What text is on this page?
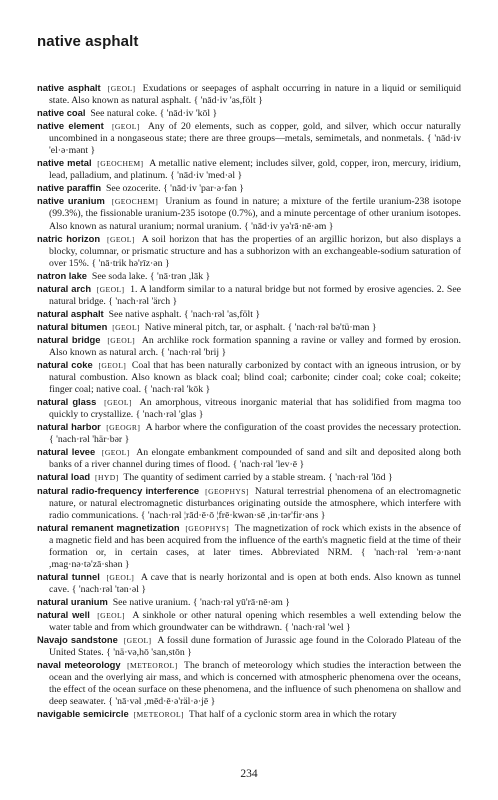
native asphalt

native asphalt [GEOL] Exudations or seepages of asphalt occurring in nature in a liquid or semiliquid state. Also known as natural asphalt. { 'nād·iv 'as,fölt }

native coal See natural coke. { 'nād·iv 'kōl }

native element [GEOL] Any of 20 elements, such as copper, gold, and silver, which occur naturally uncombined in a nongaseous state; there are three groups—metals, semimetals, and nonmetals. { 'nād·iv 'el·ə·mənt }

native metal [GEOCHEM] A metallic native element; includes silver, gold, copper, iron, mercury, iridium, lead, palladium, and platinum. { 'nād·iv 'med·əl }

native paraffin See ozocerite. { 'nād·iv 'par·ə·fən }

native uranium [GEOCHEM] Uranium as found in nature; a mixture of the fertile uranium-238 isotope (99.3%), the fissionable uranium-235 isotope (0.7%), and a minute percentage of other uranium isotopes. Also known as natural uranium; normal uranium. { 'nād·iv yə'rā·nē·əm }

natric horizon [GEOL] A soil horizon that has the properties of an argillic horizon, but also displays a blocky, columnar, or prismatic structure and has a subhorizon with an exchangeable-sodium saturation of over 15%. { 'nā·trik hə'rīz·ən }

natron lake See soda lake. { 'nā·trən ,lāk }

natural arch [GEOL] 1. A landform similar to a natural bridge but not formed by erosive agencies. 2. See natural bridge. { 'nach·rəl 'ärch }

natural asphalt See native asphalt. { 'nach·rəl 'as,fölt }

natural bitumen [GEOL] Native mineral pitch, tar, or asphalt. { 'nach·rəl bə'tü·mən }

natural bridge [GEOL] An archlike rock formation spanning a ravine or valley and formed by erosion. Also known as natural arch. { 'nach·rəl 'brij }

natural coke [GEOL] Coal that has been naturally carbonized by contact with an igneous intrusion, or by natural combustion. Also known as black coal; blind coal; carbonite; cinder coal; coke coal; cokeite; finger coal; native coal. { 'nach·rəl 'kōk }

natural glass [GEOL] An amorphous, vitreous inorganic material that has solidified from magma too quickly to crystallize. { 'nach·rəl 'glas }

natural harbor [GEOGR] A harbor where the configuration of the coast provides the necessary protection. { 'nach·rəl 'här·bər }

natural levee [GEOL] An elongate embankment compounded of sand and silt and deposited along both banks of a river channel during times of flood. { 'nach·rəl 'lev·ē }

natural load [HYD] The quantity of sediment carried by a stable stream. { 'nach·rəl 'lōd }

natural radio-frequency interference [GEOPHYS] Natural terrestrial phenomena of an electromagnetic nature, or natural electromagnetic disturbances originating outside the atmosphere, which interfere with radio communications. { 'nach·rəl ¦rād·ē·ō ¦frē·kwən·sē ,in·tər'fir·əns }

natural remanent magnetization [GEOPHYS] The magnetization of rock which exists in the absence of a magnetic field and has been acquired from the influence of the earth's magnetic field at the time of their formation or, in certain cases, at later times. Abbreviated NRM. { 'nach·rəl 'rem·ə·nənt ,mag·nə·tə'zā·shən }

natural tunnel [GEOL] A cave that is nearly horizontal and is open at both ends. Also known as tunnel cave. { 'nach·rəl 'tən·əl }

natural uranium See native uranium. { 'nach·rəl yū'rā·nē·əm }

natural well [GEOL] A sinkhole or other natural opening which resembles a well extending below the water table and from which groundwater can be withdrawn. { 'nach·rəl 'wel }

Navajo sandstone [GEOL] A fossil dune formation of Jurassic age found in the Colorado Plateau of the United States. { 'nä·və,hō 'san,stōn }

naval meteorology [METEOROL] The branch of meteorology which studies the interaction between the ocean and the overlying air mass, and which is concerned with atmospheric phenomena over the oceans, the effect of the ocean surface on these phenomena, and the influence of such phenomena on shallow and deep seawater. { 'nā·vəl ,mēd·ē·ə'räl·ə·jē }

navigable semicircle [METEOROL] That half of a cyclonic storm area in which the rotary

234
